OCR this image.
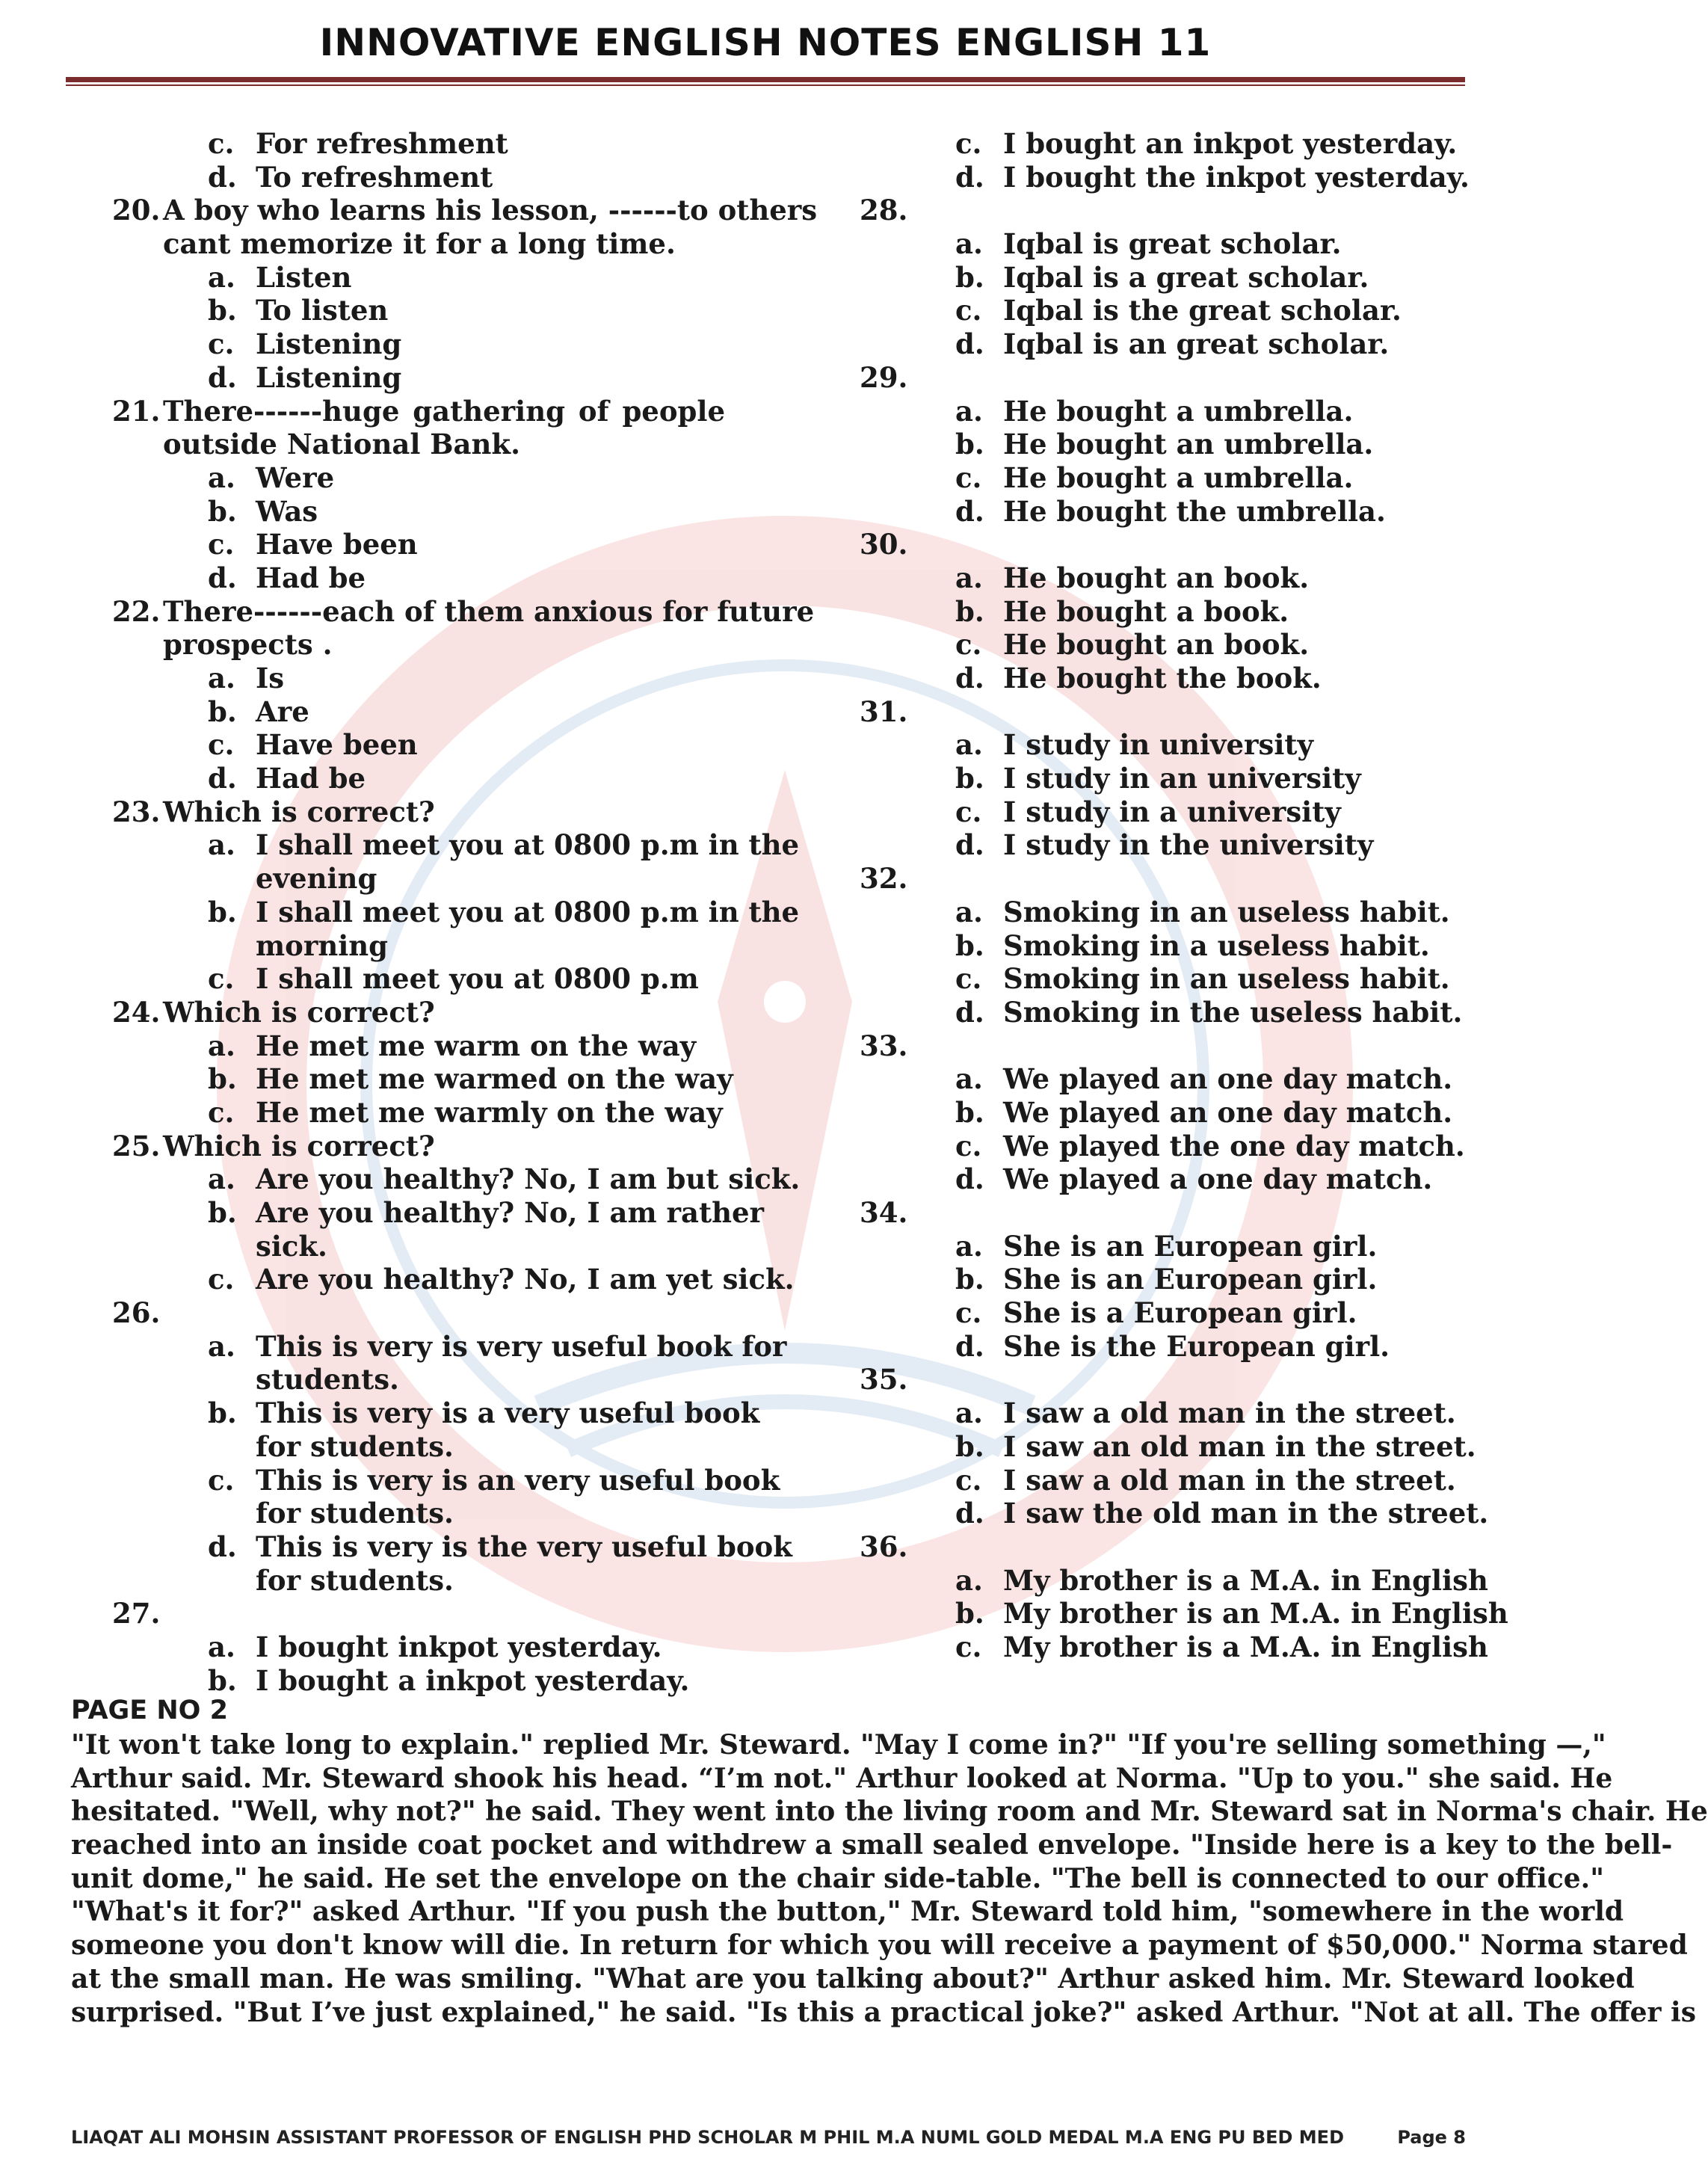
INNOVATIVE ENGLISH NOTES ENGLISH 11
c. For refreshment
d. To refreshment
20. A boy who learns his lesson, ------to others
cant memorize it for a long time.
a. Listen
b. To listen
c. Listening
d. Listening
21. There------huge gathering of people
outside National Bank.
a. Were
b. Was
c. Have been
d. Had be
22. There------each of them anxious for future
prospects .
a. Is
b. Are
c. Have been
d. Had be
23. Which is correct?
a. I shall meet you at 0800 p.m in the
evening
b. I shall meet you at 0800 p.m in the
morning
c. I shall meet you at 0800 p.m
24. Which is correct?
a. He met me warm on the way
b. He met me warmed on the way
c. He met me warmly on the way
25. Which is correct?
a. Are you healthy? No, I am but sick.
b. Are you healthy? No, I am rather
sick.
c. Are you healthy? No, I am yet sick.
26.
a. This is very is very useful book for
students.
b. This is very is a very useful book
for students.
c. This is very is an very useful book
for students.
d. This is very is the very useful book
for students.
27.
a. I bought inkpot yesterday.
b. I bought a inkpot yesterday.
c. I bought an inkpot yesterday.
d. I bought the inkpot yesterday.
28.
a. Iqbal is great scholar.
b. Iqbal is a great scholar.
c. Iqbal is the great scholar.
d. Iqbal is an great scholar.
29.
a. He bought a umbrella.
b. He bought an umbrella.
c. He bought a umbrella.
d. He bought the umbrella.
30.
a. He bought an book.
b. He bought a book.
c. He bought an book.
d. He bought the book.
31.
a. I study in university
b. I study in an university
c. I study in a university
d. I study in the university
32.
a. Smoking in an useless habit.
b. Smoking in a useless habit.
c. Smoking in an useless habit.
d. Smoking in the useless habit.
33.
a. We played an one day match.
b. We played an one day match.
c. We played the one day match.
d. We played a one day match.
34.
a. She is an European girl.
b. She is an European girl.
c. She is a European girl.
d. She is the European girl.
35.
a. I saw a old man in the street.
b. I saw an old man in the street.
c. I saw a old man in the street.
d. I saw the old man in the street.
36.
a. My brother is a M.A. in English
b. My brother is an M.A. in English
c. My brother is a M.A. in English
PAGE NO 2
"It won't take long to explain." replied Mr. Steward. "May I come in?" "If you're selling something —,"
Arthur said. Mr. Steward shook his head. “I’m not." Arthur looked at Norma. "Up to you." she said. He
hesitated. "Well, why not?" he said. They went into the living room and Mr. Steward sat in Norma's chair. He
reached into an inside coat pocket and withdrew a small sealed envelope. "Inside here is a key to the bell-
unit dome," he said. He set the envelope on the chair side-table. "The bell is connected to our office."
"What's it for?" asked Arthur. "If you push the button," Mr. Steward told him, "somewhere in the world
someone you don't know will die. In return for which you will receive a payment of $50,000." Norma stared
at the small man. He was smiling. "What are you talking about?" Arthur asked him. Mr. Steward looked
surprised. "But I’ve just explained," he said. "Is this a practical joke?" asked Arthur. "Not at all. The offer is
LIAQAT ALI MOHSIN ASSISTANT PROFESSOR OF ENGLISH PHD SCHOLAR M PHIL M.A NUML GOLD MEDAL M.A ENG PU BED MED	Page 8
